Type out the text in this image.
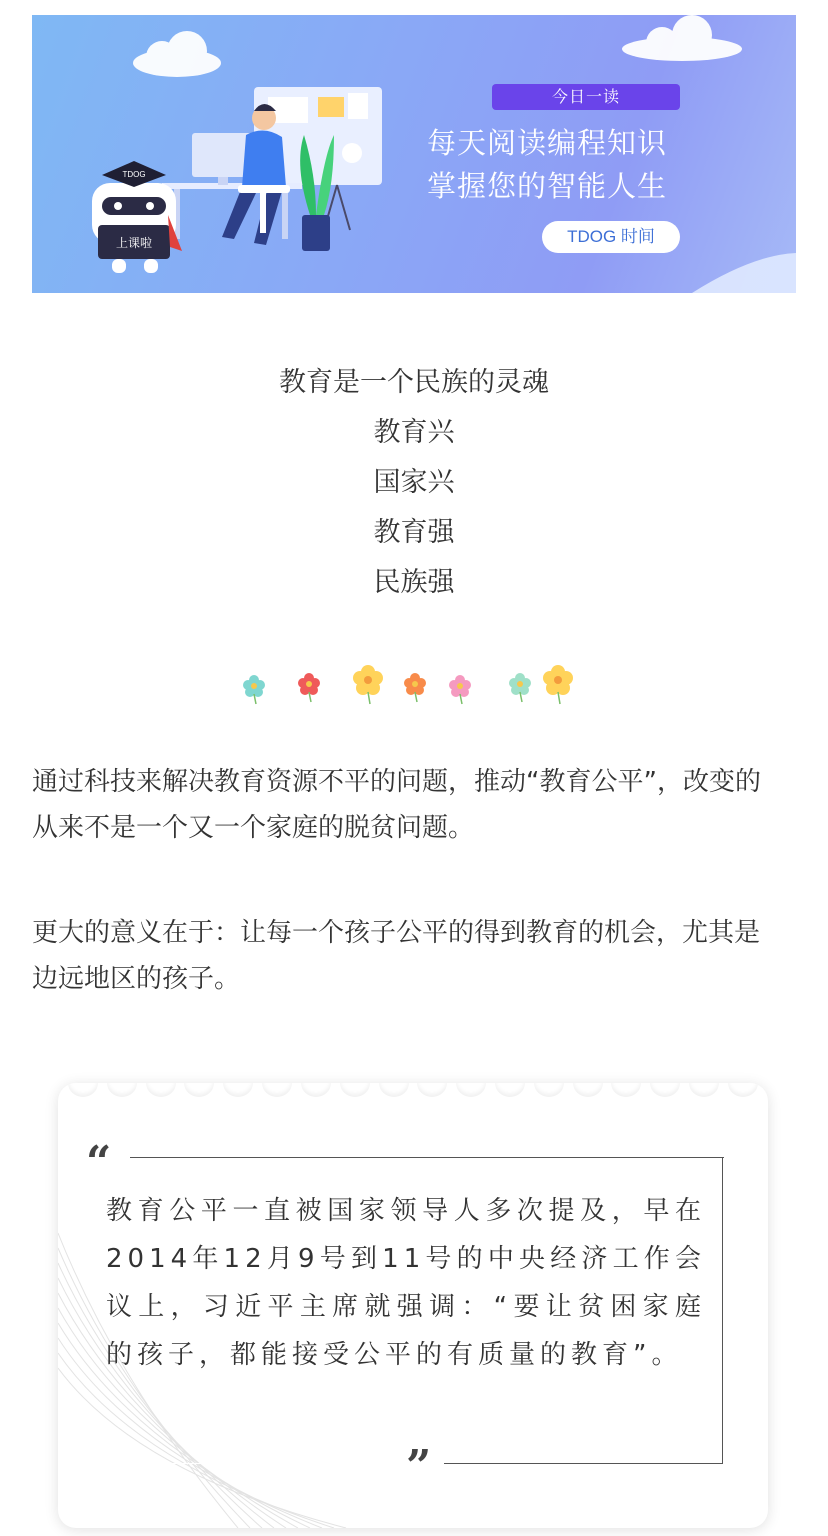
TDOG
上课啦
今日一读
每天阅读编程知识
掌握您的智能人生
TDOG 时间
教育是一个民族的灵魂
教育兴
国家兴
教育强
民族强
通过科技来解决教育资源不平的问题，推动“教育公平”，改变的从来不是一个又一个家庭的脱贫问题。
更大的意义在于：让每一个孩子公平的得到教育的机会，尤其是边远地区的孩子。
“
教育公平一直被国家领导人多次提及，早在2014年12月9号到11号的中央经济工作会议上，习近平主席就强调：“要让贫困家庭的孩子，都能接受公平的有质量的教育”。
”
